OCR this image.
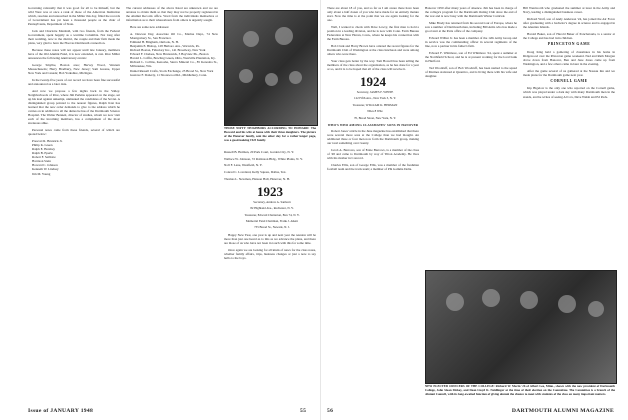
Governing rationally that it was good for all to be himself, but the wild West was at once a rank of those of the American Institution which, resolute and untouched in the Miller this day, filled the records of Government has yet been a thousand people as the chair of Pennsylvania, Department of State.

Jack and Charlotte Marshall, with two friends, from the Federal Government, spent happily as a wartime Columbia. Not long after their wedding, now to the district, the couple and their firm made the plans, very glad to have the Hoover-Dartmouth connection.

Because these notes will not appear until late January, members have of the Old Alumni Fund, it is now extended, is cast. Rice Miller announces the following Anniversary events:

George Smythe, Boston area; Harvey Wood, Western Massachusetts; Harry Bradbury, New Jersey; Sam Greene, Upper New York and Canada; Bob Yorkshire, Michigan.

In the twenty-five years of our record we have been fine successful and announced as a later date.

And now we propose a few nights back in the Valley. Neighborhoods of Rice, where Jim Perkins appeared on the stage, set up his lead against unkempt, unmasked the candidates of the Soviet. A distinguished group pointed to the nearest figures, Ralph Kret has learned that the new order demands to give to the address which he carries on in addition to all the duties he has of the Dartmouth Science Hospital. The Walter Bennett, director of studies, whom we now visit each of the incoming members, has a complement of the most strenuous alike.

Personal notes came from these friends, several of which are quoted below:

Prescott R. Brunrick Jr.

Philip K. Green

Ralph E. Hershey

Ralph B. Eperle

Robert F. Saillotte

Harrison Stein

Howard C. Johnson

Kenneth W. Lindsay

Jim M. Young

The current addresses of the above listed are unknown and we are anxious to obtain them so that they may not be properly registered in the Alumni Records office. Word from the individuals themselves or information as to their whereabouts from others is urgently sought.

Here are some new addresses:

A. Dawson Day, Associate Oil Co., Marine Dept., 74 New Montgomery St., San Francisco

Edmund H. Bingham, Outlook, N. H.

Benjamin E. Bishop, 128 Hatboro Ave., Warwick, Pa.

Richard Boston, Fiduciary Inc., 141 Broadway, New York

Edward F. Chelsea, New Brunswick, 3 Bayview Pk., Boston

Harold L. Coffin, Bowling Green, Ohio, Westville Plantation, Ky.

Richard L. Collins, Kenosha, Sierra Mineral Co., 85 Kenosha St., Milwaukee, Wis.

Daniel Russell Crafts, Stock Exchange, 25 Broad St., New York

Gustave F. Doherty, 11 Shorewood Rd., Middlebury, Conn.

THOSE NIFTY NEIGHBORS ACCORDING TO HOWARD: The Howard and his wife at home with their three daughters. The picture of the Hanover family, sent the other day for a rather longer page, was a good-looking 1923 family.

Russell B. Heiman, 20 Park Court, Garden City, N. Y.

Wallace W. Johnson, 72 Robinson Bldg., White Plains, N. Y.

Noll F. Lane, Westfield, N. Y.

Conrad C. Loveland, Kelly Square, Dallas, Tex.

Thomas L. Newman, Hanson Hall, Hanover, N. H.

1923

Secretary, Andrew A. Sanborn

82 Highland Ave., Rochester, N. Y.

Treasurer, Edward Chatterton, Box 74, N. Y.

Memorial Fund Chairman, Frank J. Ahern

735 Broad St., Newark, N. J.

Happy New Year, one year is up and next year the reunion will be more than just one heard as to this as we advance the plans, and there are those of us who have not been in touch with this for some time.

Once again we are looking for all kinds of news for the class notes, whether family affairs, trips, business changes or just a note to say hello to the boys.

There are about 18 of you, and so far as I am aware there have been only about a half dozen of you who have made for an entirely mature start. Now the time is at the point that we are again looking for the one.

Well, I wanted to check with Dave Lowry, the first man to hold a position in a leading division, and he is now with Conn. Farm Bureau Federation at New Haven, Conn., where he keeps his connection with the Farm Bureau.

Bob Clark and Harry Brown have ordered the recent figures for the Dartmouth Club of Washington at the class luncheon and were among others who were there.

Your class gets better by the way. Tom Howell has been telling the members of the class about the organization, as he has done for a year or so, and it is to be hoped that all of the class will receive it.

1924

Secretary, JAMES F. WHITE

122 Fifth Ave., New York 3, N. Y.

Treasurer, WILLIAM K. HERMAN

Niles 8 Wile

70, Broad Street, New York, N. Y.

WHO'S WHO AMONG CLASSMATES' SONS IN HANOVER

Robert Jones' article in the June magazine has established that there were several more sons at the College than we had thought. An additional three or four men now form the Dartmouth group, making our total something over twenty.

Jacob A. Barrows, son of Ernie Barrows, is a member of the class of '48 and came to Dartmouth by way of Tilton Academy. He lives with his mother in Concord.

Charles Ellis, son of George Ellis, was a member of the freshman football team and the track team; a member of Phi Gamma Delta.

Hanover 1950 after many years of absence. Jim has been in charge of the college's program for the Dartmouth Outing Club since the end of the war and is now busy with the Dartmouth Winter Carnival.

Mike Brady has returned from his second tour of Europe, where he saw a number of Dartmouth men, including Bill Arms who has made a good start at the Paris office of the company.

Edward Wilbur Jr. has been a member of the 12th Army Group and in service was the commanding officer in several regiments of the line, now a partner in his father's firm.

Edward F. Whitmore, son of Ed Whitmore '24, spent a summer at the Northfield School, and he is at present working for the local bank in Hartford.

Ted Woodruff, son of Bob Woodruff, has been named to the squad of Marines stationed at Quantico, and is living there with his wife and daughter.

Bill Wentworth who graduated the summer at least in the Army and Navy, leading a distinguished business career.

Richard Wolf, son of Andy Anderson '24, has joined the Air Force after graduating with a bachelor's degree in science and is engaged in the Aleutian Islands.

Harold Baker, son of Harold Baker of Ponchatoula, is a senior at the College and has had twin children.

PRINCETON GAME

Doug King held a gathering of classmates in his home in Ridgewood over the Princeton game weekend. Ned and Ruth Morgan drove down from Hanover, Ben and Jane Jones came up from Washington, and a few others came in later in the evening.

After the game several of us gathered at the Nassau Inn and we made plans for the Dartmouth game next year.

CORNELL GAME

Kip Bigelow is the only one who reported on the Cornell game, which was played under a dark sky with many Dartmouth men in the stands, and he writes of seeing Al Cox, Dave Walsh and Ed Peck.

NEW ELECTED OFFICERS OF THE COLLEGE: Richard W. Morin '26 of Albert Lee, Minn., shown with the new president of Dartmouth College, John Sloan Dickey, and Dean Lloyd K. Neidlinger at the time of their election on the Committee. The Committee is a branch of the Alumni Council, with its long-awaited function of giving alumni the chance to meet with students of the class on many important matters.
Issue of JANUARY 1948	55	56	DARTMOUTH ALUMNI MAGAZINE
